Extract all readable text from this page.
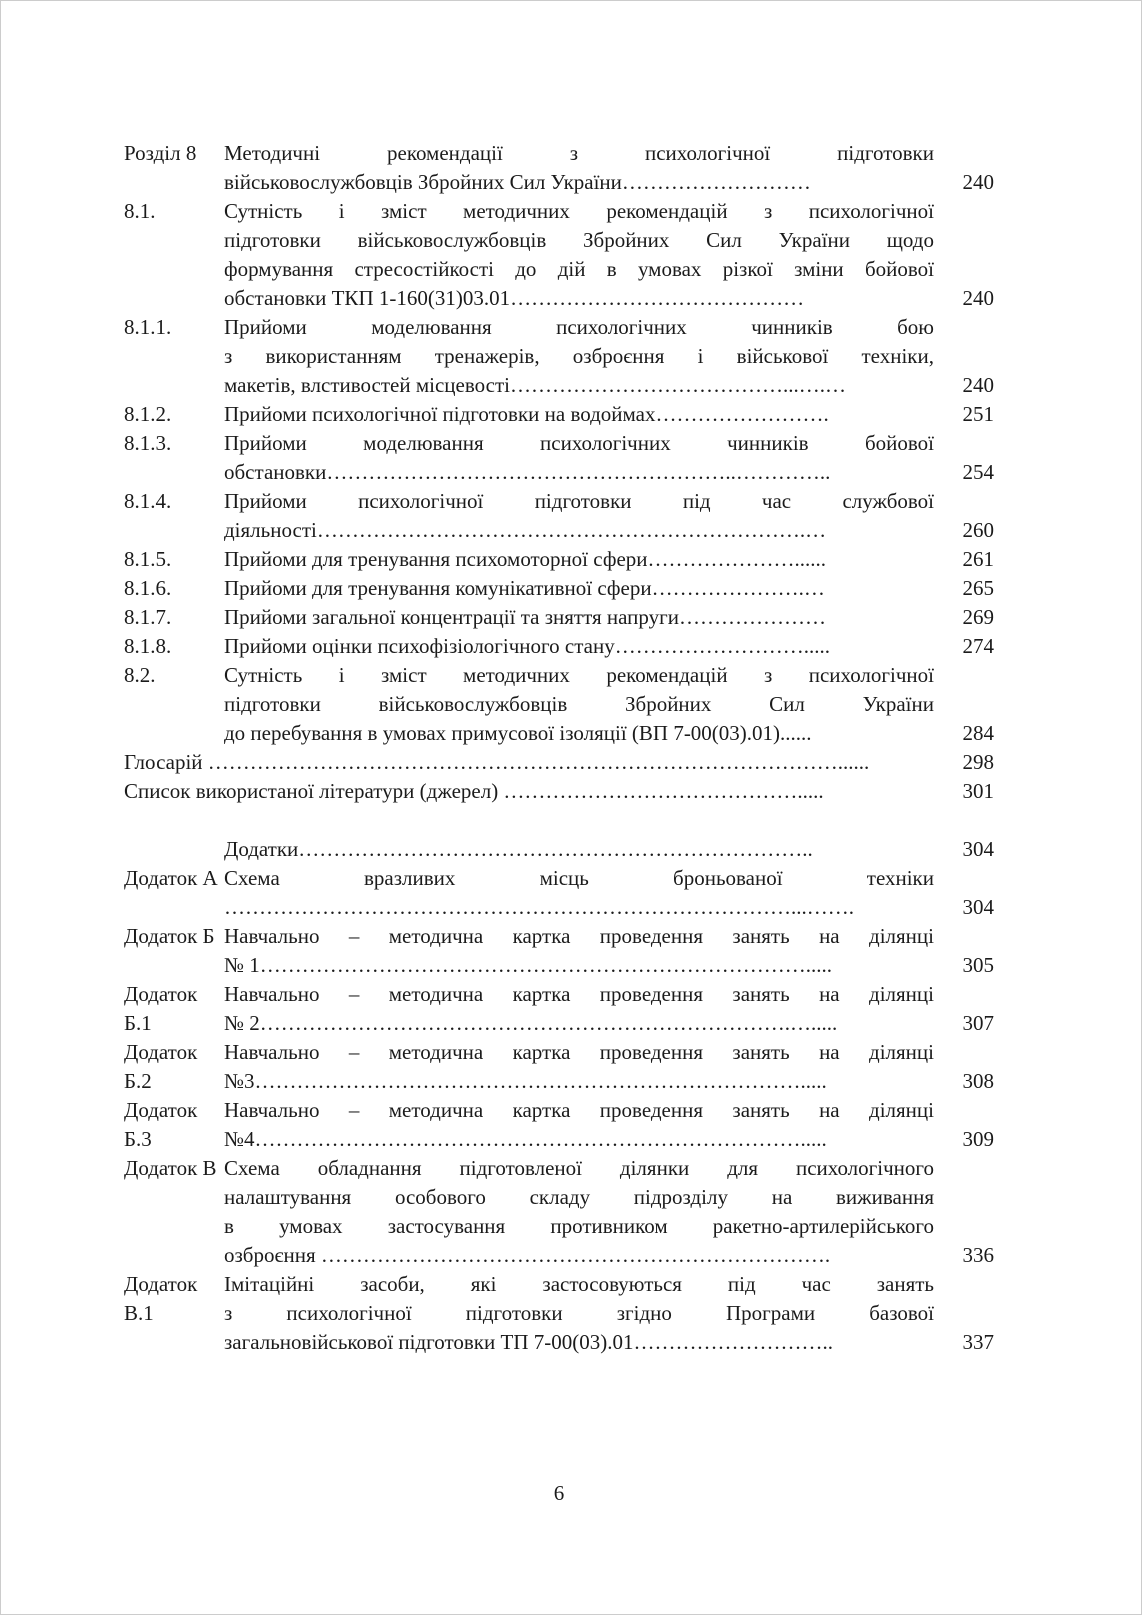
Розділ 8	Методичні рекомендації з психологічної підготовки
військовослужбовців Збройних Сил України………………………	240
8.1.	Сутність і зміст методичних рекомендацій з психологічної
підготовки військовослужбовців Збройних Сил України щодо
формування стресостійкості до дій в умовах різкої зміни бойової
обстановки ТКП 1-160(31)03.01……………………………………	240
8.1.1.	Прийоми моделювання психологічних чинників бою
з використанням тренажерів, озброєння і військової техніки,
макетів, влстивостей місцевості…………………………………...….…	240
8.1.2.	Прийоми психологічної підготовки на водоймах…………………….	251
8.1.3.	Прийоми моделювання психологічних чинників бойової
обстановки…………………………………………………..…………..	254
8.1.4.	Прийоми психологічної підготовки під час службової
діяльності…………………………………………………………….…	260
8.1.5.	Прийоми для тренування психомоторної сфери…………………......	261
8.1.6.	Прийоми для тренування комунікативної сфери………………….…	265
8.1.7.	Прийоми загальної концентрації та зняття напруги…………………	269
8.1.8.	Прийоми оцінки психофізіологічного стану……………………….....	274
8.2.	Сутність і зміст методичних рекомендацій з психологічної
підготовки військовослужбовців Збройних Сил України
до перебування в умовах примусової ізоляції (ВП 7-00(03).01)......	284
Глосарій ………………………………………………………………………………......	298
Список використаної літератури (джерел) …………………………………….....	301
Додатки………………………………………………………………..	304
Додаток А Схема вразливих місць броньованої техніки
………………………………………………………………………...…….	304
Додаток Б Навчально – методична картка проведення занять на ділянці
№ 1…………………………………………………………………….....	305
Додаток Б.1
Навчально – методична картка проведення занять на ділянці
№ 2………………………………………………………………….….....	307
Додаток Б.2
Навчально – методична картка проведення занять на ділянці
№3…………………………………………………………………….....	308
Додаток Б.3
Навчально – методична картка проведення занять на ділянці
№4…………………………………………………………………….....	309
Додаток В Схема обладнання підготовленої ділянки для психологічного
налаштування особового складу підрозділу на виживання
в умовах застосування противником ракетно-артилерійського
озброєння ……………………………………………………………….	336
Додаток В.1
Імітаційні засоби, які застосовуються під час занять
з психологічної підготовки згідно Програми базової
загальновійськової підготовки ТП 7-00(03).01………………………..	337
6
